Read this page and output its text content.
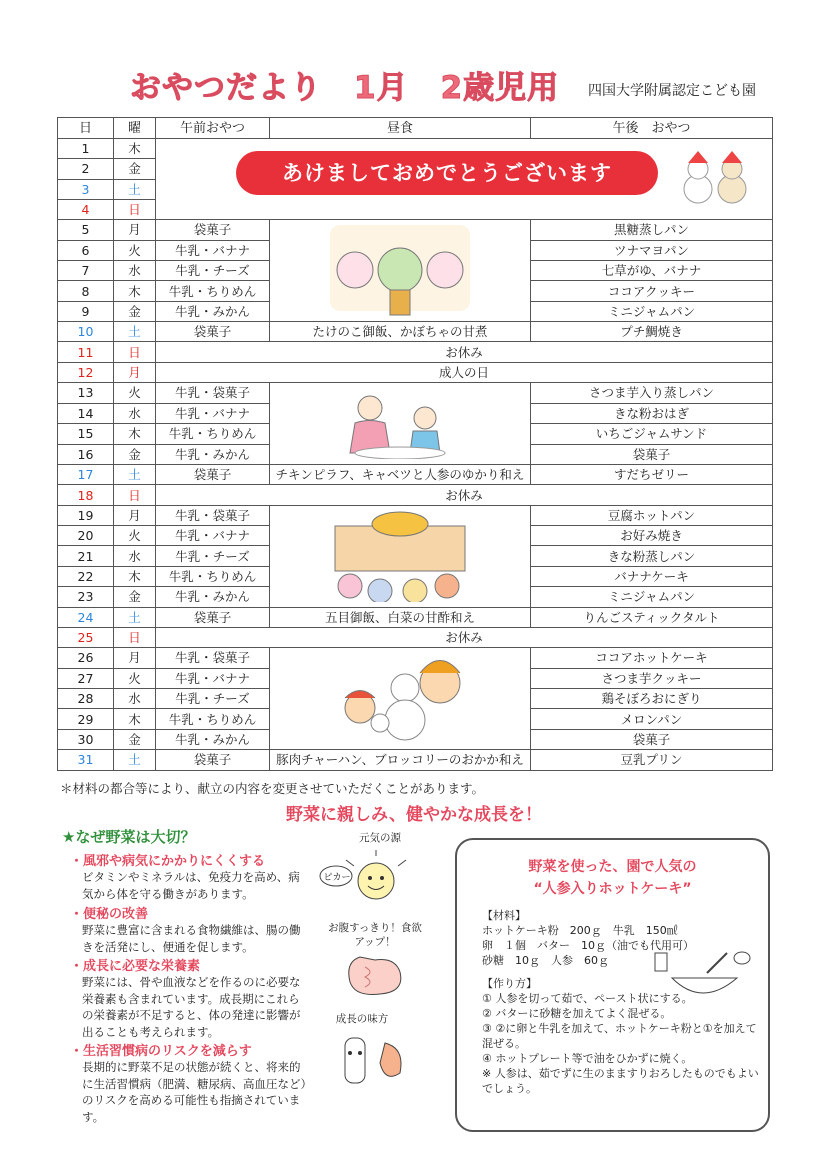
おやつだより　1月　2歳児用 四国大学附属認定こども園
日	曜	午前おやつ	昼食	午後　おやつ
1	木	あけましておめでとうございます		

2	金			
3	土			
4	日			
5	月	袋菓子		黒糖蒸しパン
6	火	牛乳・バナナ		ツナマヨパン
7	水	牛乳・チーズ		七草がゆ、バナナ
8	木	牛乳・ちりめん		ココアクッキー
9	金	牛乳・みかん		ミニジャムパン
10	土	袋菓子	たけのこ御飯、かぼちゃの甘煮	プチ鯛焼き
11	日	お休み		
12	月	成人の日		
13	火	牛乳・袋菓子		さつま芋入り蒸しパン
14	水	牛乳・バナナ		きな粉おはぎ
15	木	牛乳・ちりめん		いちごジャムサンド
16	金	牛乳・みかん		袋菓子
17	土	袋菓子	チキンピラフ、キャベツと人参のゆかり和え	すだちゼリー
18	日	お休み		
19	月	牛乳・袋菓子		豆腐ホットパン
20	火	牛乳・バナナ		お好み焼き
21	水	牛乳・チーズ		きな粉蒸しパン
22	木	牛乳・ちりめん		バナナケーキ
23	金	牛乳・みかん		ミニジャムパン
24	土	袋菓子	五目御飯、白菜の甘酢和え	りんごスティックタルト
25	日	お休み		
26	月	牛乳・袋菓子		ココアホットケーキ
27	火	牛乳・バナナ		さつま芋クッキー
28	水	牛乳・チーズ		鶏そぼろおにぎり
29	木	牛乳・ちりめん		メロンパン
30	金	牛乳・みかん		袋菓子
31	土	袋菓子	豚肉チャーハン、ブロッコリーのおかか和え	豆乳プリン
＊材料の都合等により、献立の内容を変更させていただくことがあります。
野菜に親しみ、健やかな成長を！
★なぜ野菜は大切？
・風邪や病気にかかりにくくする
ビタミンやミネラルは、免疫力を高め、病気から体を守る働きがあります。
・便秘の改善
野菜に豊富に含まれる食物繊維は、腸の働きを活発にし、便通を促します。
・成長に必要な栄養素
野菜には、骨や血液などを作るのに必要な栄養素も含まれています。成長期にこれらの栄養素が不足すると、体の発達に影響が出ることも考えられます。
・生活習慣病のリスクを減らす
長期的に野菜不足の状態が続くと、将来的に生活習慣病（肥満、糖尿病、高血圧など）のリスクを高める可能性も指摘されています。
元気の源
ピカー
お腹すっきり！食欲アップ！
成長の味方
野菜を使った、園で人気の
“人参入りホットケーキ”
【材料】
ホットケーキ粉　200ｇ　牛乳　150㎖
卵　１個　バター　10ｇ（油でも代用可）
砂糖　10ｇ　人参　60ｇ
【作り方】
① 人参を切って茹で、ペースト状にする。
② バターに砂糖を加えてよく混ぜる。
③ ②に卵と牛乳を加えて、ホットケーキ粉と①を加えて混ぜる。
④ ホットプレート等で油をひかずに焼く。
※ 人参は、茹でずに生のまますりおろしたものでもよいでしょう。
